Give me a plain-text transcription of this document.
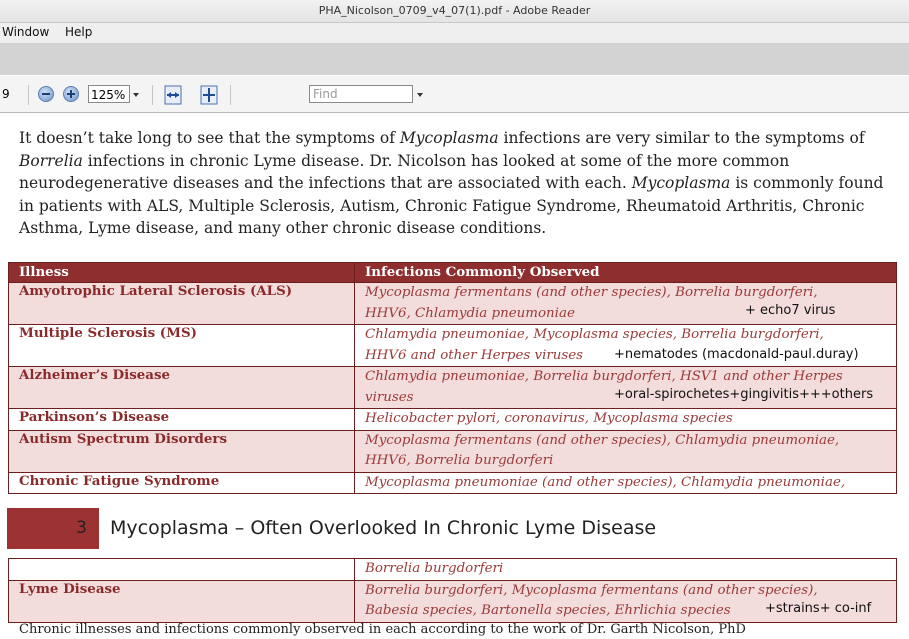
PHA_Nicolson_0709_v4_07(1).pdf - Adobe Reader
Window Help
9	125%	Find
It doesn’t take long to see that the symptoms of Mycoplasma infections are very similar to the symptoms of
Borrelia infections in chronic Lyme disease. Dr. Nicolson has looked at some of the more common
neurodegenerative diseases and the infections that are associated with each. Mycoplasma is commonly found
in patients with ALS, Multiple Sclerosis, Autism, Chronic Fatigue Syndrome, Rheumatoid Arthritis, Chronic
Asthma, Lyme disease, and many other chronic disease conditions.
Illness	Infections Commonly Observed
Amyotrophic Lateral Sclerosis (ALS)	Mycoplasma fermentans (and other species), Borrelia burgdorferi,
HHV6, Chlamydia pneumoniae + echo7 virus

Multiple Sclerosis (MS)	Chlamydia pneumoniae, Mycoplasma species, Borrelia burgdorferi,
HHV6 and other Herpes viruses +nematodes (macdonald-paul.duray)

Alzheimer’s Disease	Chlamydia pneumoniae, Borrelia burgdorferi, HSV1 and other Herpes
viruses +oral-spirochetes+gingivitis+++others

Parkinson’s Disease	Helicobacter pylori, coronavirus, Mycoplasma species

Autism Spectrum Disorders	Mycoplasma fermentans (and other species), Chlamydia pneumoniae,
HHV6, Borrelia burgdorferi

Chronic Fatigue Syndrome	Mycoplasma pneumoniae (and other species), Chlamydia pneumoniae,
3	Mycoplasma – Often Overlooked In Chronic Lyme Disease

	Borrelia burgdorferi

Lyme Disease	Borrelia burgdorferi, Mycoplasma fermentans (and other species),
Babesia species, Bartonella species, Ehrlichia species +strains+ co-inf
Chronic illnesses and infections commonly observed in each according to the work of Dr. Garth Nicolson, PhD
